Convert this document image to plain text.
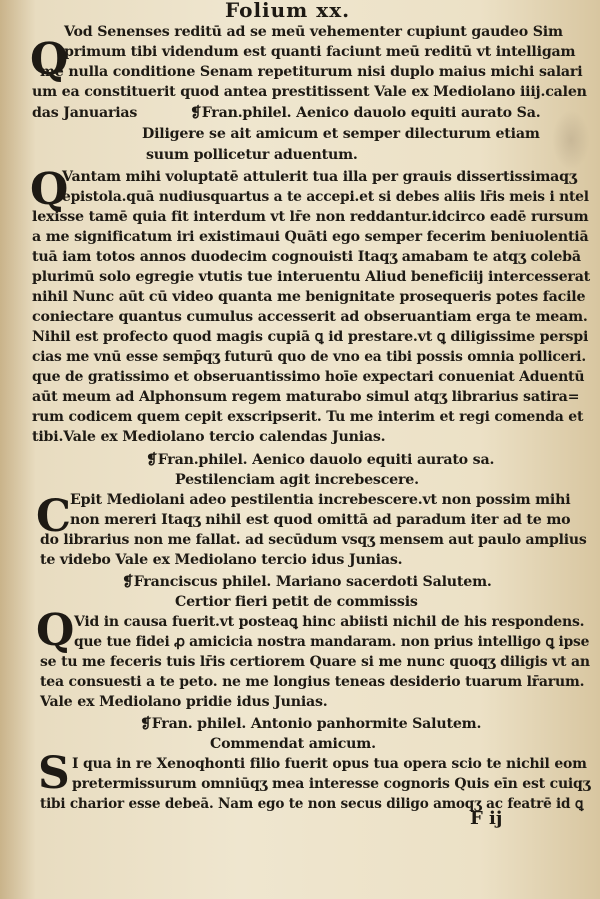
Folium xx.
Q
Q
C
Q
S
Vod Senenses reditū ad se meū vehementer cupiunt gaudeo Sim
primum tibi videndum est quanti faciunt meū reditū vt intelligam
me nulla conditione Senam repetiturum nisi duplo maius michi salari
um ea constituerit quod antea prestitissent Vale ex Mediolano iiij.calen
das Januarias	❡Fran.philel. Aenico dauolo equiti aurato Sa.
Diligere se ait amicum et semper dilecturum etiam
suum pollicetur aduentum.
Vantam mihi voluptatē attulerit tua illa per grauis dissertissimaqʒ
epistola.quā nudiusquartus a te accepi.et si debes aliis lr̄is meis i ntel
lexisse tamē quia fit interdum vt lr̄e non reddantur.idcirco eadē rursum
a me significatum iri existimaui Quāti ego semper fecerim beniuolentiā
tuā iam totos annos duodecim cognouisti Itaqʒ amabam te atqʒ colebā
plurimū solo egregie vtutis tue interuentu Aliud beneficiij intercesserat
nihil Nunc aūt cū video quanta me benignitate prosequeris potes facile
coniectare quantus cumulus accesserit ad obseruantiam erga te meam.
Nihil est profecto quod magis cupiā ꝗ id prestare.vt ꝗ diligissime perspi
cias me vnū esse semp̄qʒ futurū quo de vno ea tibi possis omnia polliceri.
que de gratissimo et obseruantissimo hoīe expectari conueniat Aduentū
aūt meum ad Alphonsum regem maturabo simul atqʒ librarius satira=
rum codicem quem cepit exscripserit. Tu me interim et regi comenda et
tibi.Vale ex Mediolano tercio calendas Junias.
❡Fran.philel. Aenico dauolo equiti aurato sa.
Pestilenciam agit increbescere.
Epit Mediolani adeo pestilentia increbescere.vt non possim mihi
non mereri Itaqʒ nihil est quod omittā ad paradum iter ad te mo
do librarius non me fallat. ad secūdum vsqʒ mensem aut paulo amplius
te videbo Vale ex Mediolano tercio idus Junias.
❡Franciscus philel. Mariano sacerdoti Salutem.
Certior fieri petit de commissis
Vid in causa fuerit.vt posteaꝗ hinc abiisti nichil de his respondens.
que tue fidei ꝓ amicicia nostra mandaram. non prius intelligo ꝗ ipse
se tu me feceris tuis lr̄is certiorem Quare si me nunc quoqʒ diligis vt an
tea consuesti a te peto. ne me longius teneas desiderio tuarum lr̄arum.
Vale ex Mediolano pridie idus Junias.
❡Fran. philel. Antonio panhormite Salutem.
Commendat amicum.
I qua in re Xenoqhonti filio fuerit opus tua opera scio te nichil eom
pretermissurum omniūqʒ mea interesse cognoris Quis eīn est cuiqʒ
tibi charior esse debeā. Nam ego te non secus diligo amoqʒ ac featrē id ꝗ
F ij
